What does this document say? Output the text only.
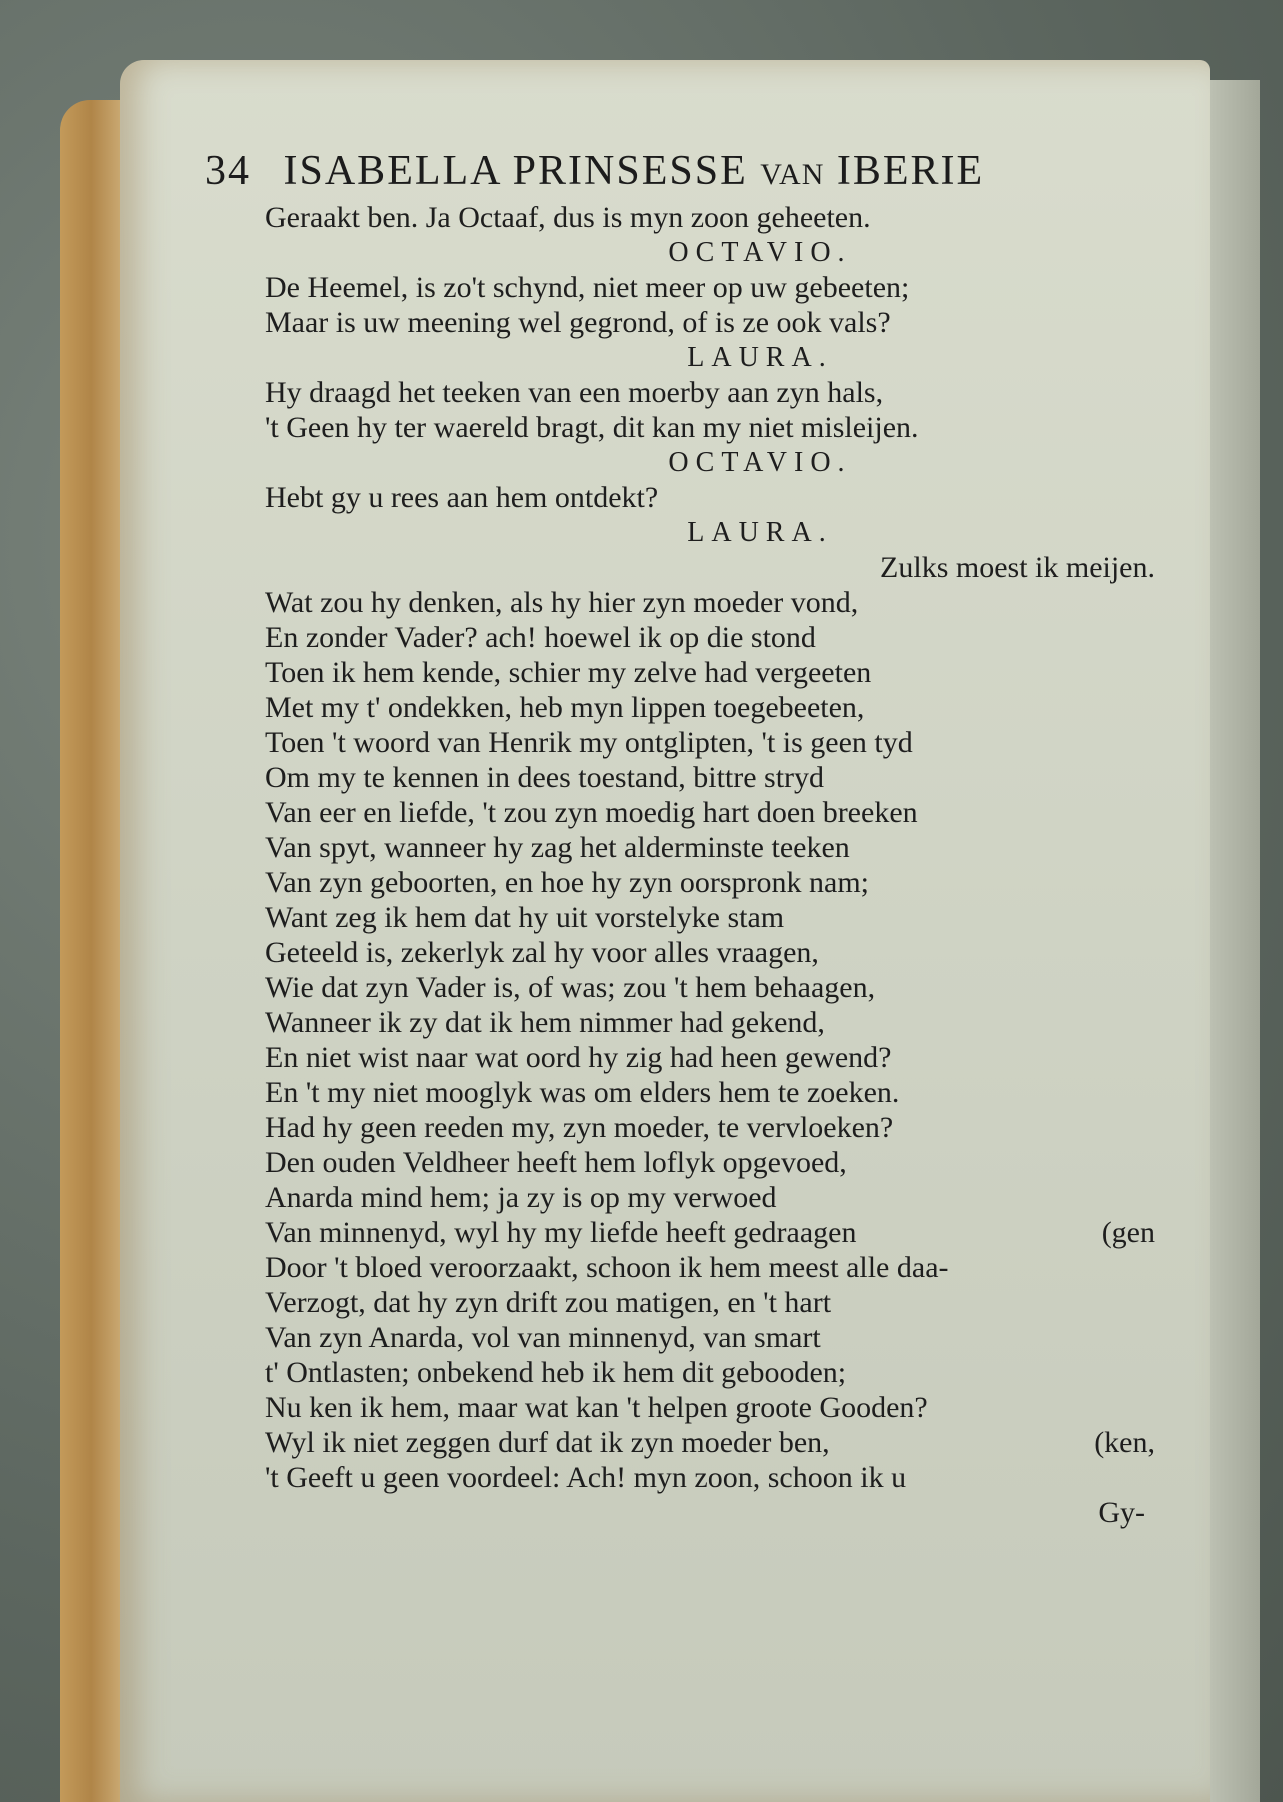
34 ISABELLA PRINSESSE VAN IBERIE
Geraakt ben. Ja Octaaf, dus is myn zoon geheeten.
OCTAVIO.
De Heemel, is zo't schynd, niet meer op uw gebeeten;
Maar is uw meening wel gegrond, of is ze ook vals?
LAURA.
Hy draagd het teeken van een moerby aan zyn hals,
't Geen hy ter waereld bragt, dit kan my niet misleijen.
OCTAVIO.
Hebt gy u rees aan hem ontdekt?
LAURA.
Zulks moest ik meijen.
Wat zou hy denken, als hy hier zyn moeder vond,
En zonder Vader? ach! hoewel ik op die stond
Toen ik hem kende, schier my zelve had vergeeten
Met my t' ondekken, heb myn lippen toegebeeten,
Toen 't woord van Henrik my ontglipten, 't is geen tyd
Om my te kennen in dees toestand, bittre stryd
Van eer en liefde, 't zou zyn moedig hart doen breeken
Van spyt, wanneer hy zag het alderminste teeken
Van zyn geboorten, en hoe hy zyn oorspronk nam;
Want zeg ik hem dat hy uit vorstelyke stam
Geteeld is, zekerlyk zal hy voor alles vraagen,
Wie dat zyn Vader is, of was; zou 't hem behaagen,
Wanneer ik zy dat ik hem nimmer had gekend,
En niet wist naar wat oord hy zig had heen gewend?
En 't my niet mooglyk was om elders hem te zoeken.
Had hy geen reeden my, zyn moeder, te vervloeken?
Den ouden Veldheer heeft hem loflyk opgevoed,
Anarda mind hem; ja zy is op my verwoed
(gen
Van minnenyd, wyl hy my liefde heeft gedraagen
Door 't bloed veroorzaakt, schoon ik hem meest alle daa-
Verzogt, dat hy zyn drift zou matigen, en 't hart
Van zyn Anarda, vol van minnenyd, van smart
t' Ontlasten; onbekend heb ik hem dit gebooden;
Nu ken ik hem, maar wat kan 't helpen groote Gooden?
(ken,
Wyl ik niet zeggen durf dat ik zyn moeder ben,
't Geeft u geen voordeel: Ach! myn zoon, schoon ik u
Gy-
